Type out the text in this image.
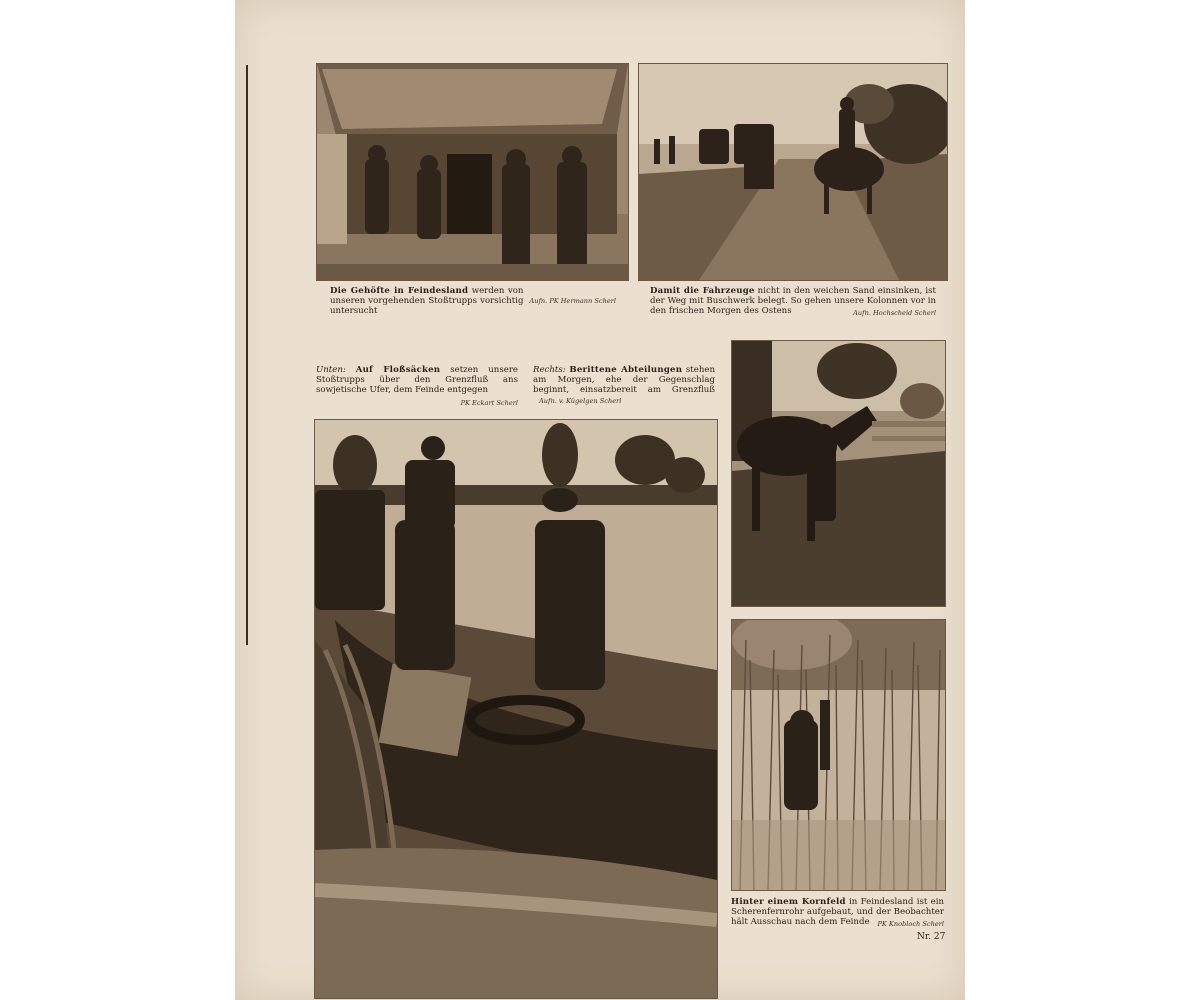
Aufn. PK Hermann Scherl
Die Gehöfte in Feindesland werden von unseren vorgehenden Stoßtrupps vorsichtig untersucht
Damit die Fahrzeuge nicht in den weichen Sand einsinken, ist der Weg mit Buschwerk belegt. So gehen unsere Kolonnen vor in den frischen Morgen des Ostens	Aufn. Hochscheid Scherl
Unten: Auf Floßsäcken setzen unsere Stoßtrupps über den Grenzfluß ans sowjetische Ufer, dem Feinde entgegen
PK Eckart Scherl
Rechts: Berittene Abteilungen stehen am Morgen, ehe der Gegenschlag beginnt, einsatzbereit am Grenzfluß Aufn. v. Kügelgen Scherl
Hinter einem Kornfeld in Feindesland ist ein Scherenfernrohr aufgebaut, und der Beobachter hält Ausschau nach dem Feinde PK Knobloch Scherl
Nr. 27
